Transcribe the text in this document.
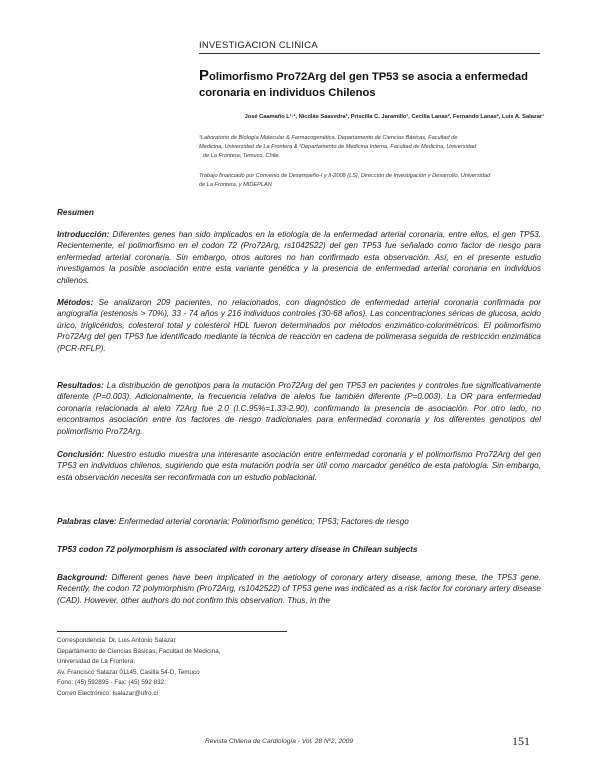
INVESTIGACION CLINICA
Polimorfismo Pro72Arg del gen TP53 se asocia a enfermedad
coronaria en individuos Chilenos
José Caamaño L¹·², Nicolás Saavedra¹, Priscilla C. Jaramillo¹, Cecilia Lanas², Fernando Lanas², Luis A. Salazar¹
¹Laboratorio de Biología Molecular & Farmacogenética, Departamento de Ciencias Básicas, Facultad de
Medicina, Universidad de La Frontera & ²Departamento de Medicina Interna, Facultad de Medicina, Universidad
de La Frontera, Temuco, Chile.
Trabajo financiado por Convenio de Desempeño-I y II-2008 (LS), Dirección de Investigación y Desarrollo, Universidad
de La Frontera, y MIDEPLAN
Resumen
Introducción: Diferentes genes han sido implicados en la etiología de la enfermedad arterial coronaria, entre ellos, el gen TP53. Recientemente, el polimorfismo en el codon 72 (Pro72Arg, rs1042522) del gen TP53 fue señalado como factor de riesgo para enfermedad arterial coronaria. Sin embargo, otros autores no han confirmado esta observación. Así, en el presente estudio investigamos la posible asociación entre esta variante genética y la presencia de enfermedad arterial coronaria en individuos chilenos.
Métodos: Se analizaron 209 pacientes, no relacionados, con diagnóstico de enfermedad arterial coronaria confirmada por angiografía (estenosis > 70%), 33 - 74 años y 216 individuos controles (30-68 años). Las concentraciones séricas de glucosa, acido úrico, triglicéridos, colesterol total y colesterol HDL fueron determinados por métodos enzimático-colorimétricos. El polimorfismo Pro72Arg del gen TP53 fue identificado mediante la técnica de reacción en cadena de polimerasa seguida de restricción enzimática (PCR-RFLP).
Resultados: La distribución de genotipos para la mutación Pro72Arg del gen TP53 en pacientes y controles fue significativamente diferente (P=0.003). Adicionalmente, la frecuencia relativa de alelos fue también diferente (P=0.003). La OR para enfermedad coronaria relacionada al alelo 72Arg fue 2.0 (I.C.95%=1.33-2.90), confirmando la presencia de asociación. Por otro lado, no encontramos asociación entre los factores de riesgo tradicionales para enfermedad coronaria y los diferentes genotipos del polimorfismo Pro72Arg.
Conclusión: Nuestro estudio muestra una interesante asociación entre enfermedad coronaria y el polimorfismo Pro72Arg del gen TP53 en individuos chilenos, sugiriendo que esta mutación podría ser útil como marcador genético de esta patología. Sin embargo, esta observación necesita ser reconfirmada con un estudio poblacional.
Palabras clave: Enfermedad arterial coronaria; Polimorfismo genético; TP53; Factores de riesgo
TP53 codon 72 polymorphism is associated with coronary artery disease in Chilean subjects
Background: Different genes have been implicated in the aetiology of coronary artery disease, among these, the TP53 gene. Recently, the codon 72 polymorphism (Pro72Arg, rs1042522) of TP53 gene was indicated as a risk factor for coronary artery disease (CAD). However, other authors do not confirm this observation. Thus, in the
Correspondencia: Dr. Luis Antonio Salazar
Departamento de Ciencias Básicas, Facultad de Medicina,
Universidad de La Frontera.
Av. Francisco Salazar 01145, Casilla 54-D, Temuco
Fono: (45) 592895 - Fax: (45) 592 832.
Correo Electrónico: lsalazar@ufro.cl
Revista Chilena de Cardiología - Vol. 28 Nº2, 2009	151
